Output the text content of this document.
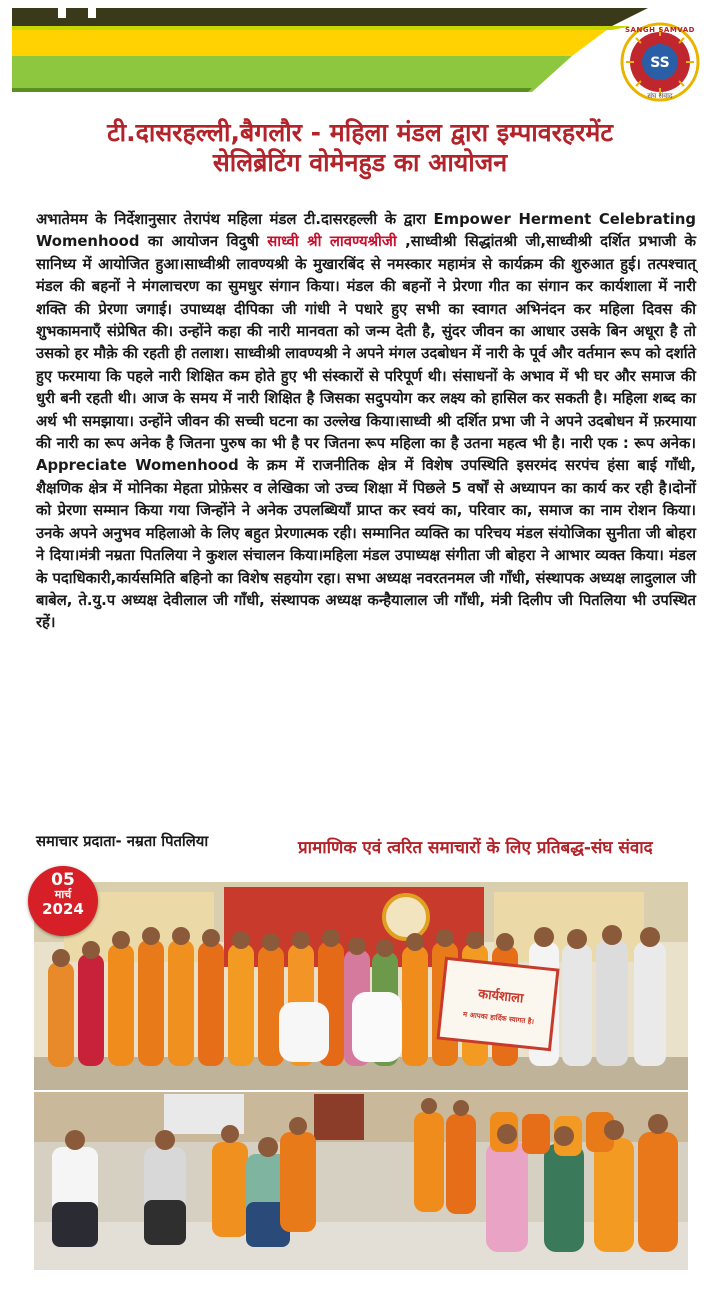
SS
SANGH SAMVAD
संघ संवाद
टी.दासरहल्ली,बैगलौर - महिला मंडल द्वारा इम्पावरहरमेंट
सेलिब्रेटिंग वोमेनहुड का आयोजन
अभातेमम के निर्देशानुसार तेरापंथ महिला मंडल टी.दासरहल्ली के द्वारा Empower Herment Celebrating Womenhood का आयोजन विदुषी साध्वी श्री लावण्यश्रीजी ,साध्वीश्री सिद्धांतश्री जी,साध्वीश्री दर्शित प्रभाजी के सानिध्य में आयोजित हुआ।साध्वीश्री लावण्यश्री के मुखारबिंद से नमस्कार महामंत्र से कार्यक्रम की शुरुआत हुई। तत्पश्चात् मंडल की बहनों ने मंगलाचरण का सुमधुर संगान किया। मंडल की बहनों ने प्रेरणा गीत का संगान कर कार्यशाला में नारी शक्ति की प्रेरणा जगाई। उपाध्यक्ष दीपिका जी गांधी ने पधारे हुए सभी का स्वागत अभिनंदन कर महिला दिवस की शुभकामनाएँ संप्रेषित की। उन्होंने कहा की नारी मानवता को जन्म देती है, सुंदर जीवन का आधार उसके बिन अधूरा है तो उसको हर मौक़े की रहती ही तलाश। साध्वीश्री लावण्यश्री ने अपने मंगल उदबोधन में नारी के पूर्व और वर्तमान रूप को दर्शाते हुए फरमाया कि पहले नारी शिक्षित कम होते हुए भी संस्कारों से परिपूर्ण थी। संसाधनों के अभाव में भी घर और समाज की धुरी बनी रहती थी। आज के समय में नारी शिक्षित है जिसका सदुपयोग कर लक्ष्य को हासिल कर सकती है। महिला शब्द का अर्थ भी समझाया। उन्होंने जीवन की सच्ची घटना का उल्लेख किया।साध्वी श्री दर्शित प्रभा जी ने अपने उदबोधन में फ़रमाया की नारी का रूप अनेक है जितना पुरुष का भी है पर जितना रूप महिला का है उतना महत्व भी है। नारी एक : रूप अनेक।Appreciate Womenhood के क्रम में राजनीतिक क्षेत्र में विशेष उपस्थिति इसरमंद सरपंच हंसा बाई गाँधी, शैक्षणिक क्षेत्र में मोनिका मेहता प्रोफ़ेसर व लेखिका जो उच्च शिक्षा में पिछले 5 वर्षों से अध्यापन का कार्य कर रही है।दोनों को प्रेरणा सम्मान किया गया जिन्होंने ने अनेक उपलब्धियाँ प्राप्त कर स्वयं का, परिवार का, समाज का नाम रोशन किया। उनके अपने अनुभव महिलाओ के लिए बहुत प्रेरणात्मक रही। सम्मानित व्यक्ति का परिचय मंडल संयोजिका सुनीता जी बोहरा ने दिया।मंत्री नम्रता पितलिया ने कुशल संचालन किया।महिला मंडल उपाध्यक्ष संगीता जी बोहरा ने आभार व्यक्त किया। मंडल के पदाधिकारी,कार्यसमिति बहिनो का विशेष सहयोग रहा। सभा अध्यक्ष नवरतनमल जी गाँधी, संस्थापक अध्यक्ष लादुलाल जी बाबेल, ते.यु.प अध्यक्ष देवीलाल जी गाँधी, संस्थापक अध्यक्ष कन्हैयालाल जी गाँधी, मंत्री दिलीप जी पितलिया भी उपस्थित रहें।
समाचार प्रदाता- नम्रता पितलिया	प्रामाणिक एवं त्वरित समाचारों के लिए प्रतिबद्ध-संघ संवाद
05
मार्च
2024
कार्यशाला
म आपका हार्दिक स्वागत है।
